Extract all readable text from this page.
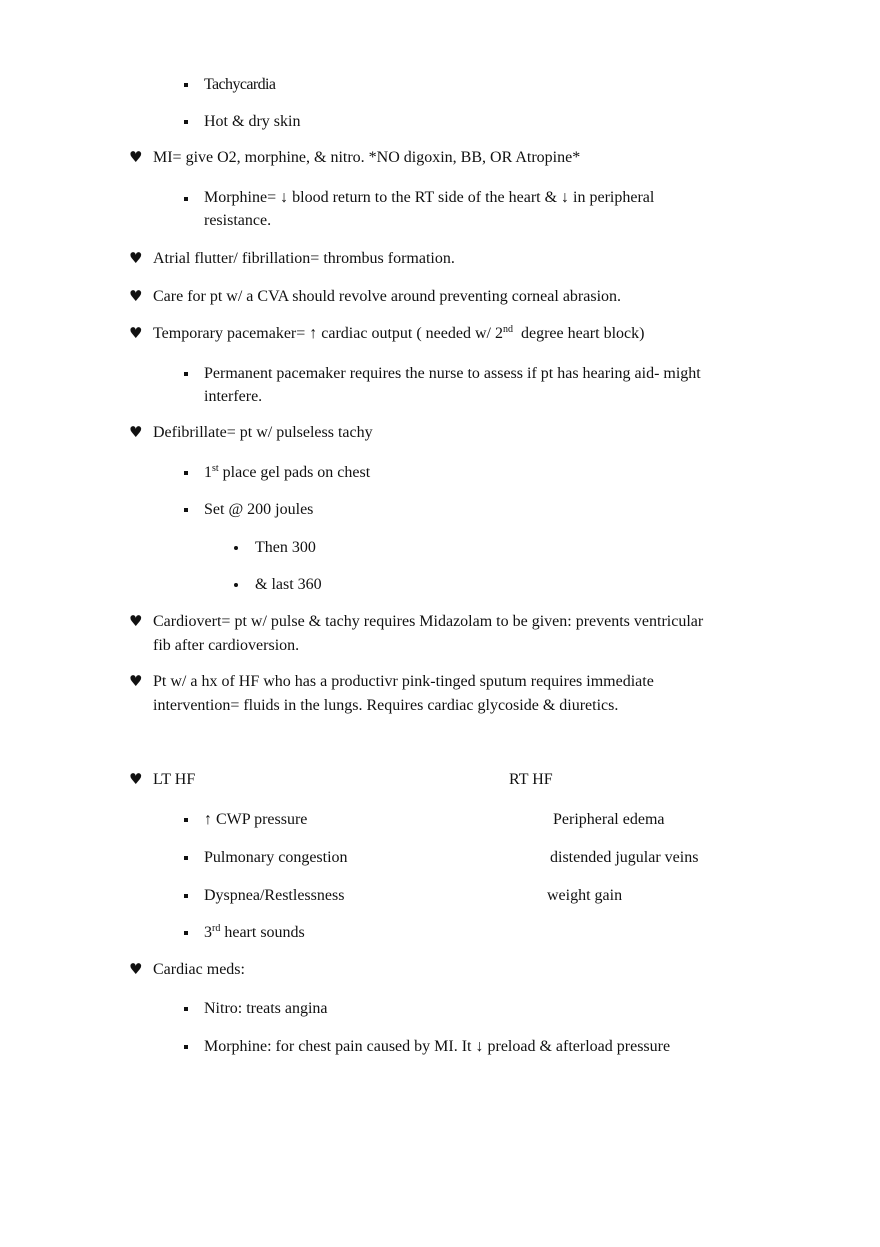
Tachycardia
Hot & dry skin
♥ MI= give O2, morphine, & nitro. *NO digoxin, BB, OR Atropine*
Morphine= ↓ blood return to the RT side of the heart & ↓ in peripheral
resistance.
♥ Atrial flutter/ fibrillation= thrombus formation.
♥ Care for pt w/ a CVA should revolve around preventing corneal abrasion.
♥ Temporary pacemaker= ↑ cardiac output ( needed w/ 2nd  degree heart block)
Permanent pacemaker requires the nurse to assess if pt has hearing aid- might
interfere.
♥ Defibrillate= pt w/ pulseless tachy
1st place gel pads on chest
Set @ 200 joules
Then 300
& last 360
♥ Cardiovert= pt w/ pulse & tachy requires Midazolam to be given: prevents ventricular
fib after cardioversion.
♥ Pt w/ a hx of HF who has a productivr pink-tinged sputum requires immediate
intervention= fluids in the lungs. Requires cardiac glycoside & diuretics.
♥ LT HF	RT HF
↑ CWP pressure	Peripheral edema
Pulmonary congestion	distended jugular veins
Dyspnea/Restlessness	weight gain
3rd heart sounds
♥ Cardiac meds:
Nitro: treats angina
Morphine: for chest pain caused by MI. It ↓ preload & afterload pressure
